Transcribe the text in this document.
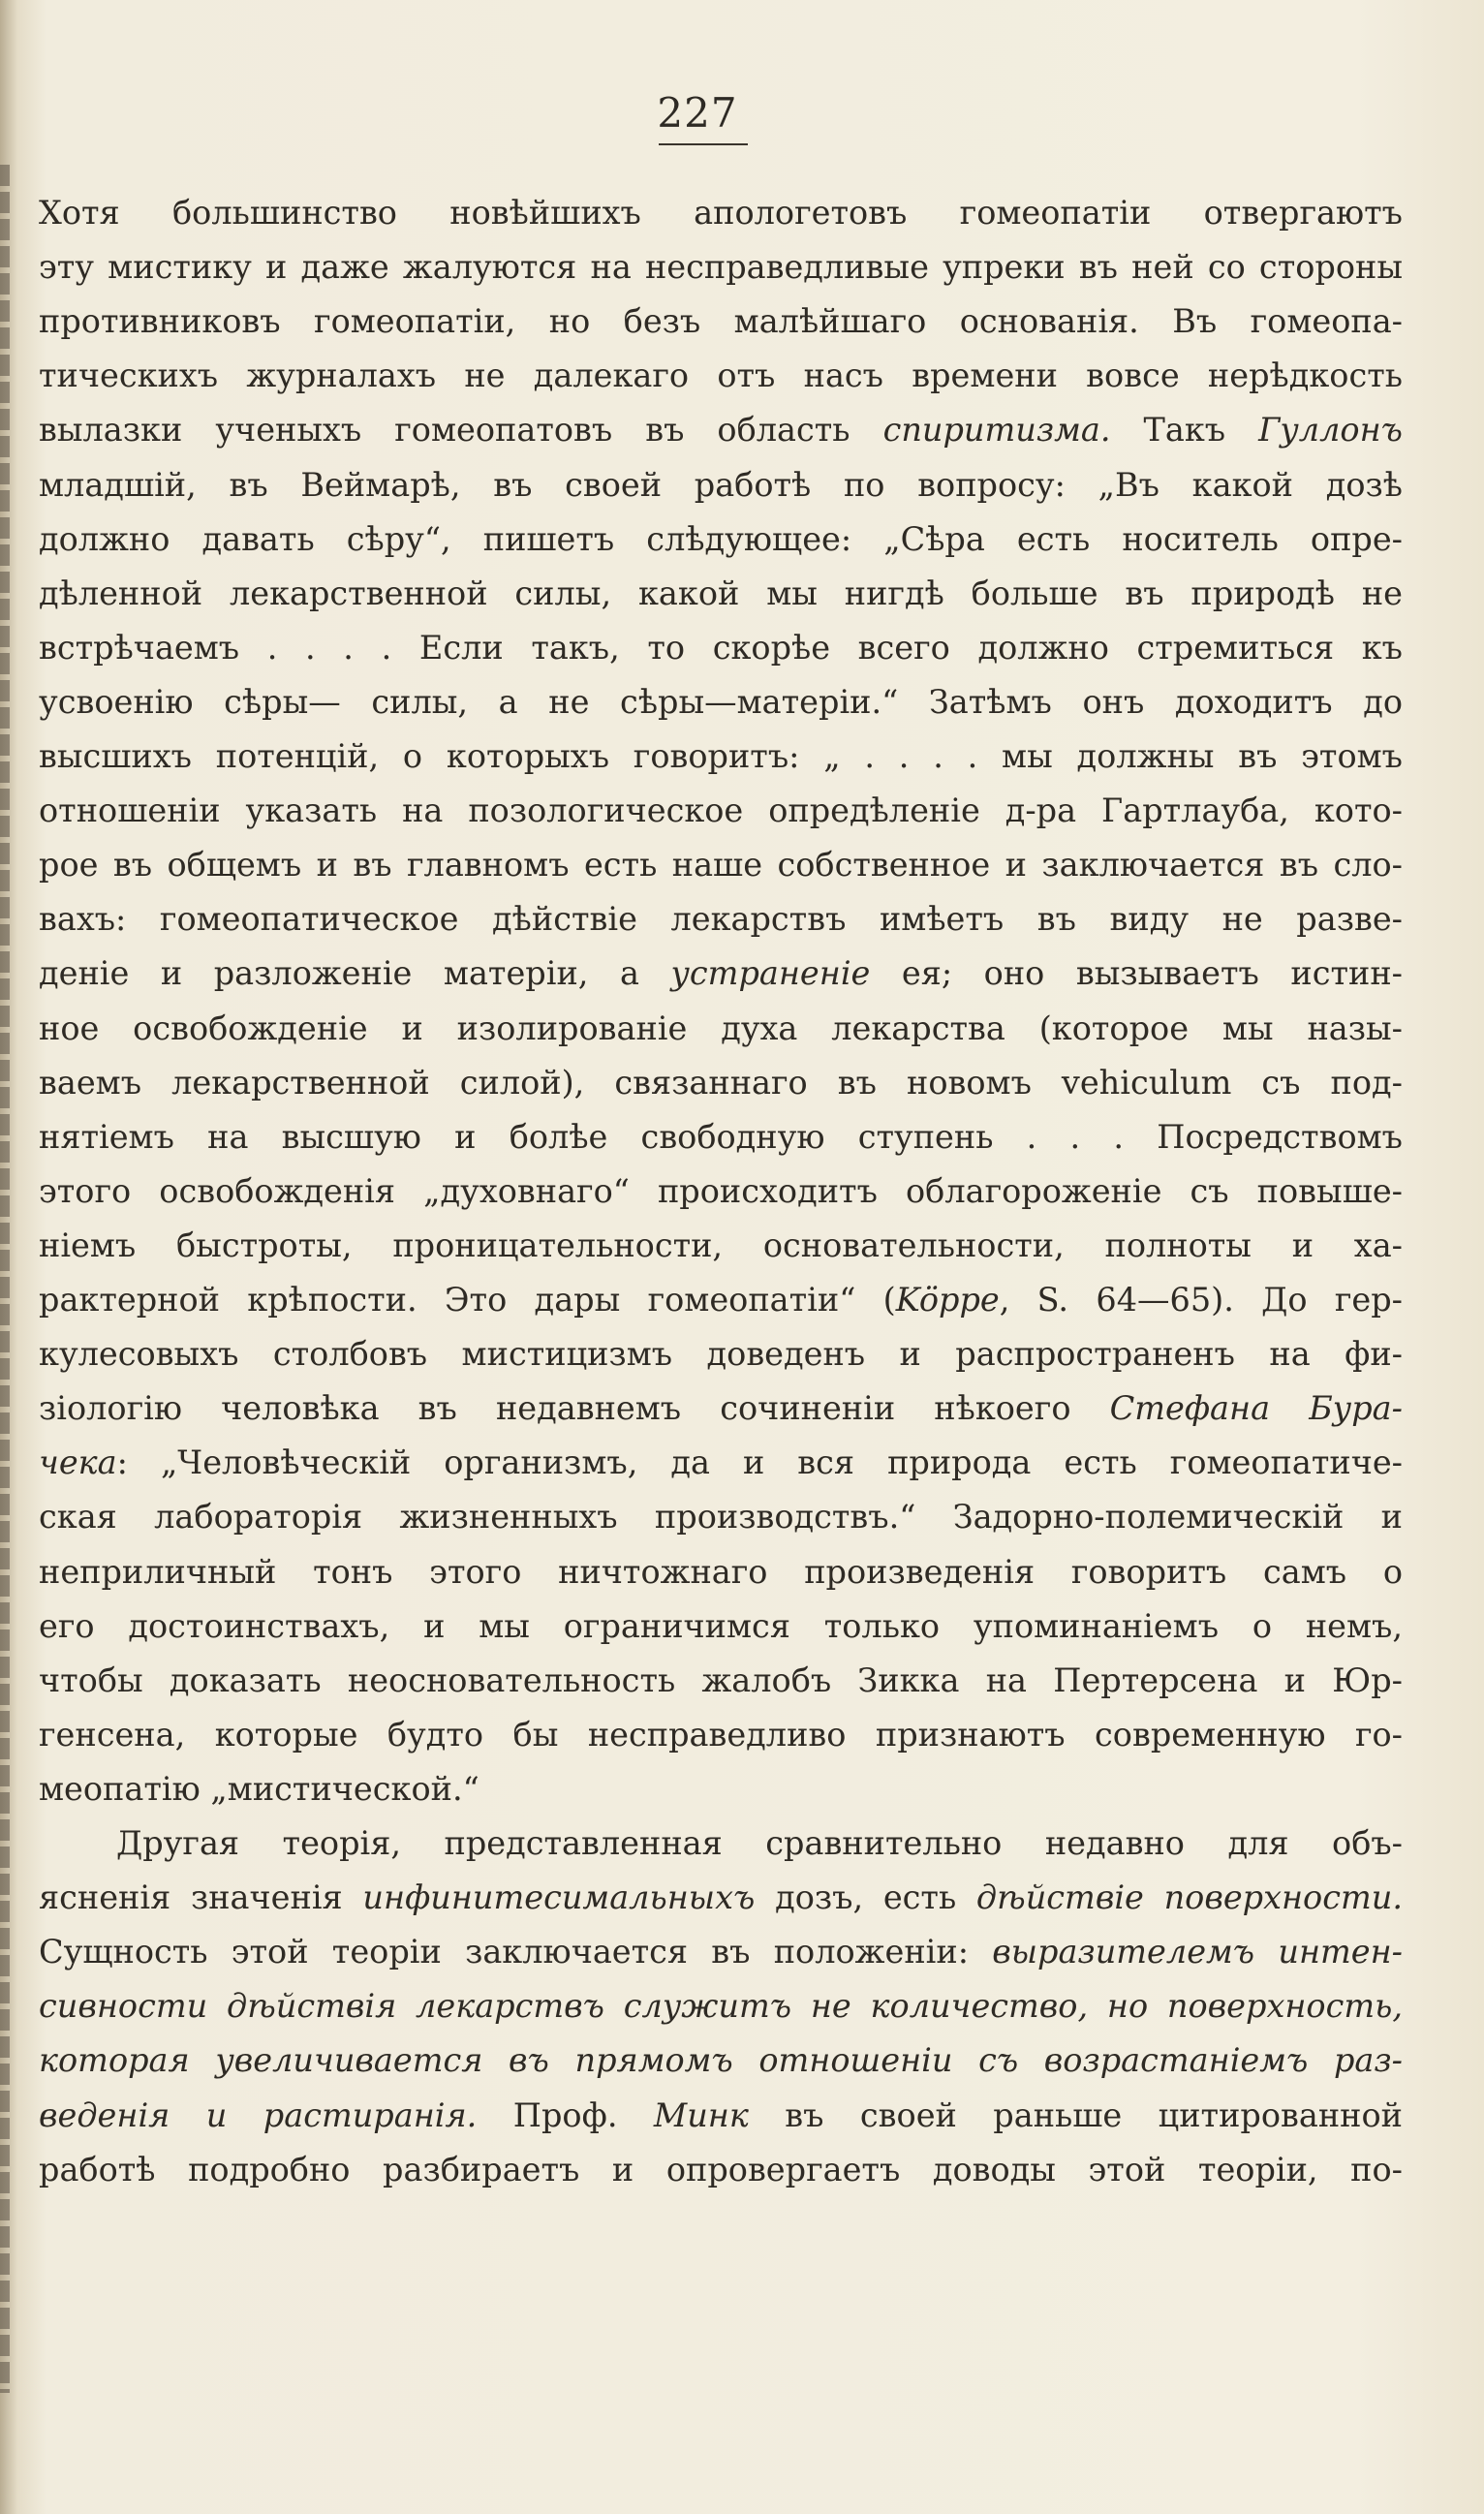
227
Хотя большинство новѣйшихъ апологетовъ гомеопатіи отвергаютъ
эту мистику и даже жалуются на несправедливые упреки въ ней со стороны
противниковъ гомеопатіи, но безъ малѣйшаго основанія. Въ гомеопа-
тическихъ журналахъ не далекаго отъ насъ времени вовсе нерѣдкость
вылазки ученыхъ гомеопатовъ въ область спиритизма. Такъ Гуллонъ
младшій, въ Веймарѣ, въ своей работѣ по вопросу: „Въ какой дозѣ
должно давать сѣру“, пишетъ слѣдующее: „Сѣра есть носитель опре-
дѣленной лекарственной силы, какой мы нигдѣ больше въ природѣ не
встрѣчаемъ . . . . Если такъ, то скорѣе всего должно стремиться къ
усвоенію сѣры— силы, а не сѣры—матеріи.“ Затѣмъ онъ доходитъ до
высшихъ потенцій, о которыхъ говоритъ: „ . . . . мы должны въ этомъ
отношеніи указать на позологическое опредѣленіе д-ра Гартлауба, кото-
рое въ общемъ и въ главномъ есть наше собственное и заключается въ сло-
вахъ: гомеопатическое дѣйствіе лекарствъ имѣетъ въ виду не разве-
деніе и разложеніе матеріи, а устраненіе ея; оно вызываетъ истин-
ное освобожденіе и изолированіе духа лекарства (которое мы назы-
ваемъ лекарственной силой), связаннаго въ новомъ vehiculum съ под-
нятіемъ на высшую и болѣе свободную ступень . . . Посредствомъ
этого освобожденія „духовнаго“ происходитъ облагороженіе съ повыше-
ніемъ быстроты, проницательности, основательности, полноты и ха-
рактерной крѣпости. Это дары гомеопатіи“ (Köppe, S. 64—65). До гер-
кулесовыхъ столбовъ мистицизмъ доведенъ и распространенъ на фи-
зіологію человѣка въ недавнемъ сочиненіи нѣкоего Стефана Бура-
чека: „Человѣческій организмъ, да и вся природа есть гомеопатиче-
ская лабораторія жизненныхъ производствъ.“ Задорно-полемическій и
неприличный тонъ этого ничтожнаго произведенія говоритъ самъ о
его достоинствахъ, и мы ограничимся только упоминаніемъ о немъ,
чтобы доказать неосновательность жалобъ Зикка на Пертерсена и Юр-
генсена, которые будто бы несправедливо признаютъ современную го-
меопатію „мистической.“
Другая теорія, представленная сравнительно недавно для объ-
ясненія значенія инфинитесимальныхъ дозъ, есть дѣйствіе поверхности.
Сущность этой теоріи заключается въ положеніи: выразителемъ интен-
сивности дѣйствія лекарствъ служитъ не количество, но поверхность,
которая увеличивается въ прямомъ отношеніи съ возрастаніемъ раз-
веденія и растиранія. Проф. Минк въ своей раньше цитированной
работѣ подробно разбираетъ и опровергаетъ доводы этой теоріи, по-
